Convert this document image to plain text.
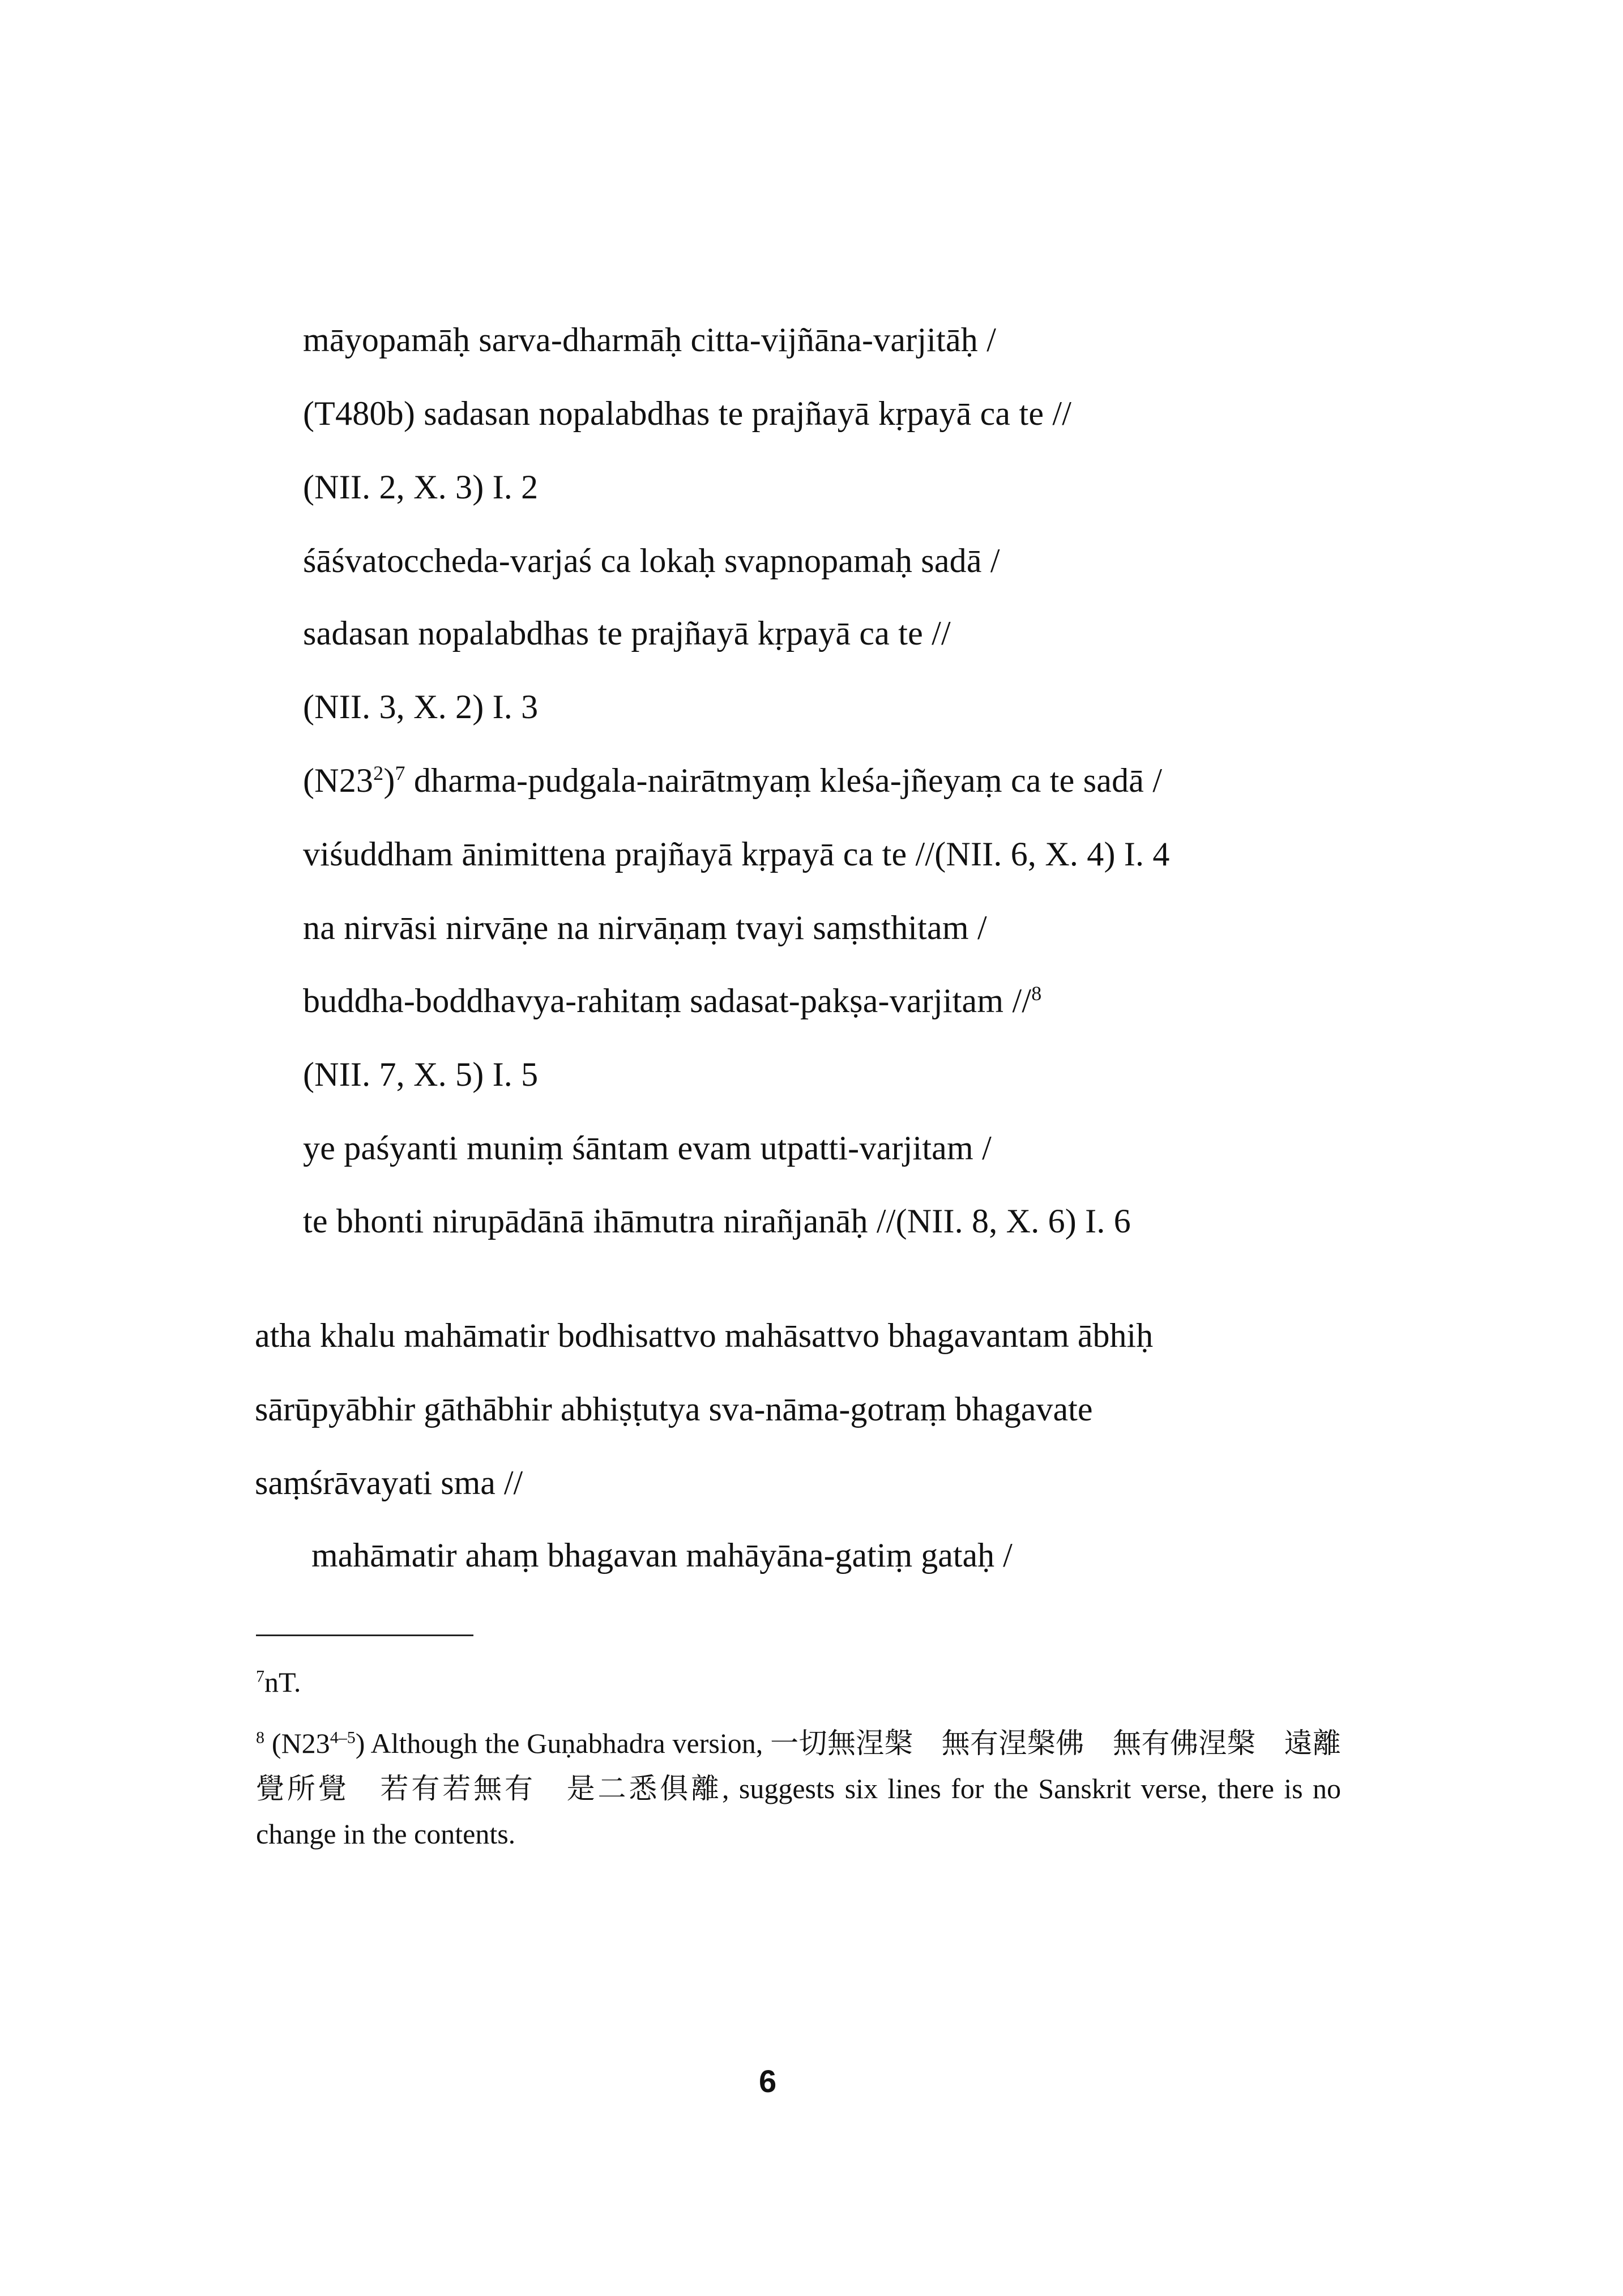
māyopamāḥ sarva-dharmāḥ citta-vijñāna-varjitāḥ /
(T480b) sadasan nopalabdhas te prajñayā kṛpayā ca te //
(NII. 2, X. 3) I. 2
śāśvatoccheda-varjaś ca lokaḥ svapnopamaḥ sadā /
sadasan nopalabdhas te prajñayā kṛpayā ca te //
(NII. 3, X. 2) I. 3
$(N23^2)^7$ dharma-pudgala-nairātmyaṃ kleśa-jñeyaṃ ca te sadā /
viśuddham ānimittena prajñayā kṛpayā ca te //(NII. 6, X. 4) I. 4
na nirvāsi nirvāṇe na nirvāṇaṃ tvayi saṃsthitam /
buddha-boddhavya-rahitaṃ sadasat-pakṣa-varjitam //$^8$
(NII. 7, X. 5) I. 5
ye paśyanti muniṃ śāntam evam utpatti-varjitam /
te bhonti nirupādānā ihāmutra nirañjanāḥ //(NII. 8, X. 6) I. 6
atha khalu mahāmatir bodhisattvo mahāsattvo bhagavantam ābhiḥ
sārūpyābhir gāthābhir abhiṣṭutya sva-nāma-gotraṃ bhagavate
saṃśrāvayati sma //
mahāmatir ahaṃ bhagavan mahāyāna-gatiṃ gataḥ /
$^7$nT.
$^8$ (N23$^{4-5}$) Although the Guṇabhadra version, 一切無涅槃　無有涅槃佛　無有佛涅槃　遠離覺所覺　若有若無有　是二悉俱離, suggests six lines for the Sanskrit verse, there is no change in the contents.
6
